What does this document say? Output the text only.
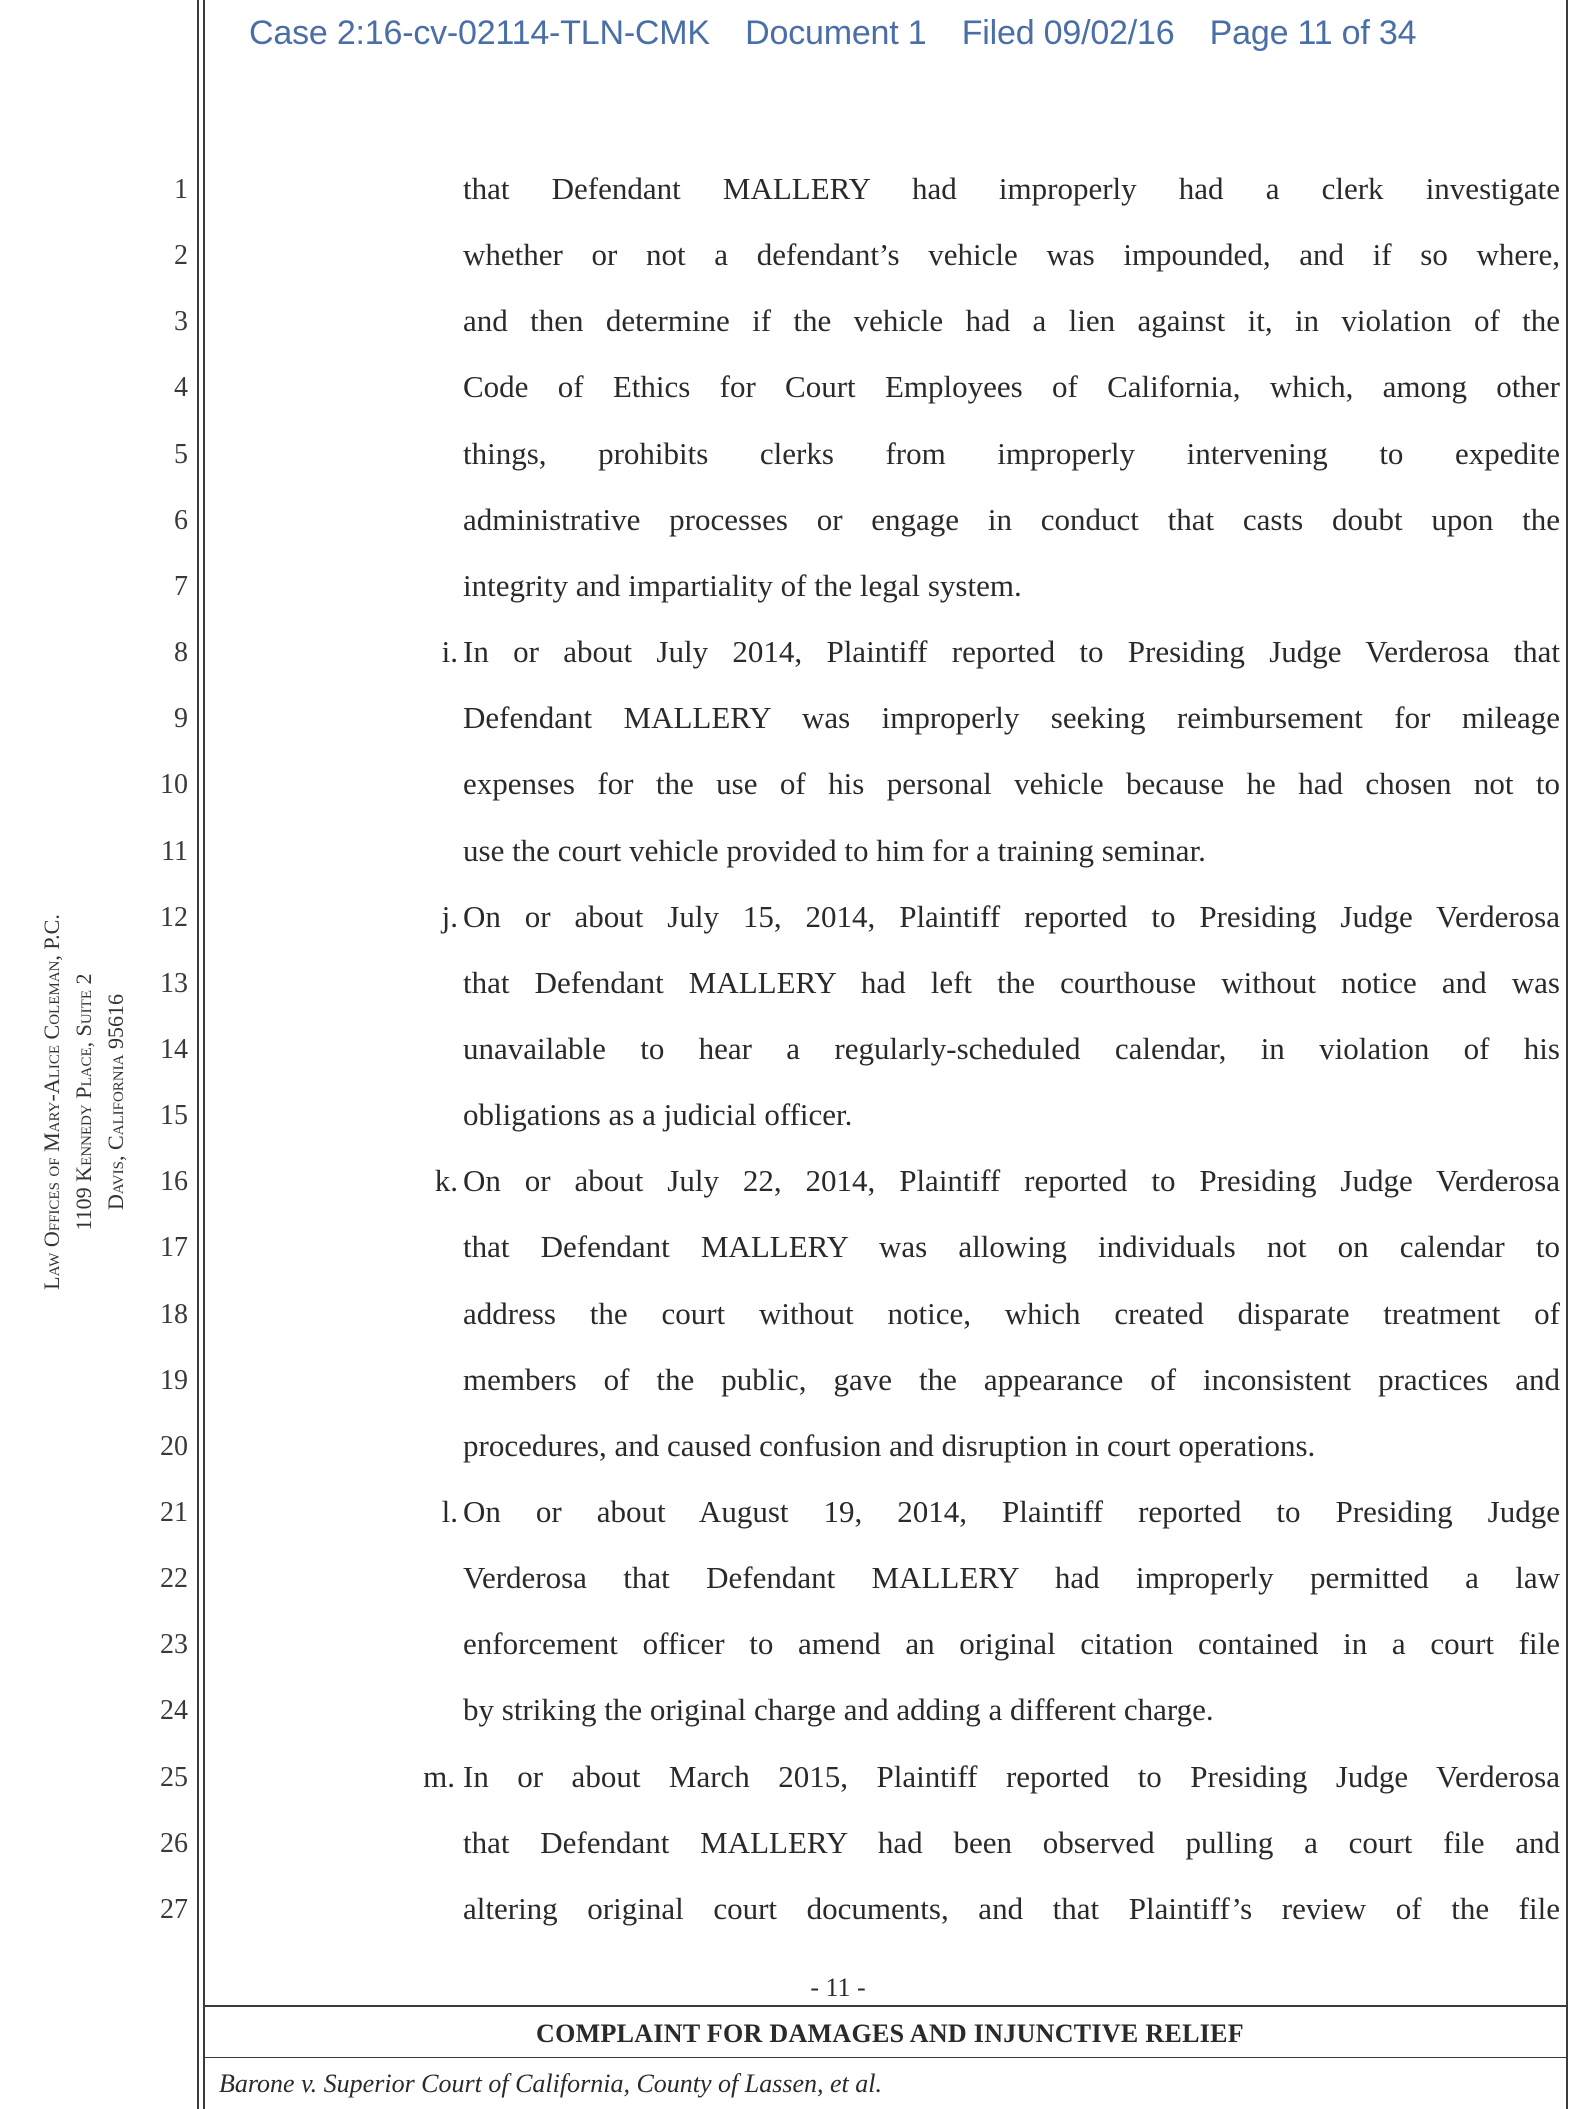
Case 2:16-cv-02114-TLN-CMK Document 1 Filed 09/02/16 Page 11 of 34
Law Offices of Mary-Alice Coleman, P.C. 1109 Kennedy Place, Suite 2 Davis, California 95616
1
2
3
4
5
6
7
8
9
10
11
12
13
14
15
16
17
18
19
20
21
22
23
24
25
26
27
that Defendant MALLERY had improperly had a clerk investigate
whether or not a defendant’s vehicle was impounded, and if so where,
and then determine if the vehicle had a lien against it, in violation of the
Code of Ethics for Court Employees of California, which, among other
things, prohibits clerks from improperly intervening to expedite
administrative processes or engage in conduct that casts doubt upon the
integrity and impartiality of the legal system.
i. In or about July 2014, Plaintiff reported to Presiding Judge Verderosa that
Defendant MALLERY was improperly seeking reimbursement for mileage
expenses for the use of his personal vehicle because he had chosen not to
use the court vehicle provided to him for a training seminar.
j. On or about July 15, 2014, Plaintiff reported to Presiding Judge Verderosa
that Defendant MALLERY had left the courthouse without notice and was
unavailable to hear a regularly-scheduled calendar, in violation of his
obligations as a judicial officer.
k. On or about July 22, 2014, Plaintiff reported to Presiding Judge Verderosa
that Defendant MALLERY was allowing individuals not on calendar to
address the court without notice, which created disparate treatment of
members of the public, gave the appearance of inconsistent practices and
procedures, and caused confusion and disruption in court operations.
l. On or about August 19, 2014, Plaintiff reported to Presiding Judge
Verderosa that Defendant MALLERY had improperly permitted a law
enforcement officer to amend an original citation contained in a court file
by striking the original charge and adding a different charge.
m. In or about March 2015, Plaintiff reported to Presiding Judge Verderosa
that Defendant MALLERY had been observed pulling a court file and
altering original court documents, and that Plaintiff’s review of the file
- 11 -
COMPLAINT FOR DAMAGES AND INJUNCTIVE RELIEF
Barone v. Superior Court of California, County of Lassen, et al.
